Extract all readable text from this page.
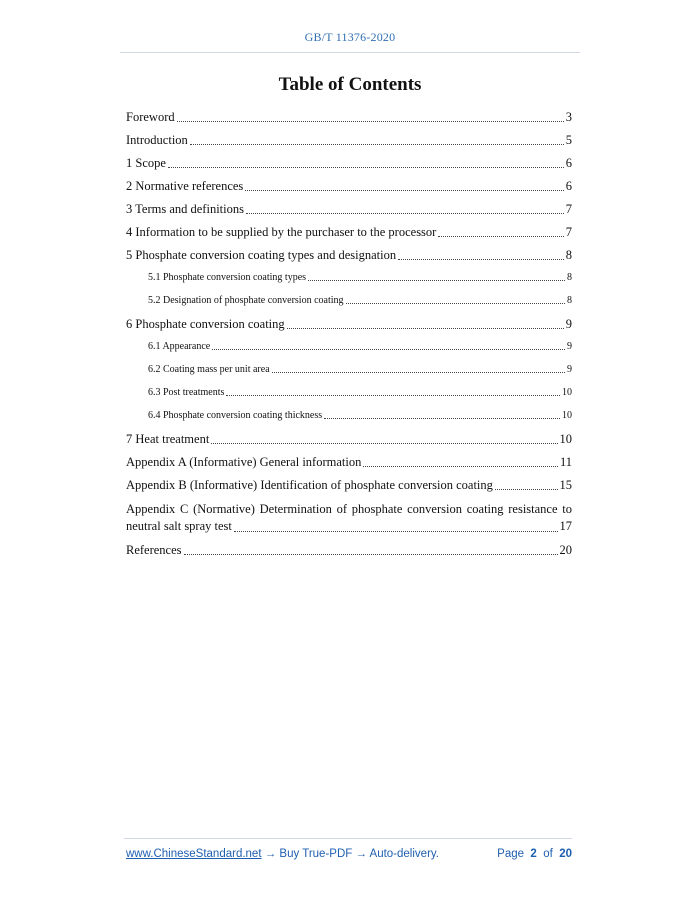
GB/T 11376-2020
Table of Contents
Foreword	3
Introduction	5
1 Scope	6
2 Normative references	6
3 Terms and definitions	7
4 Information to be supplied by the purchaser to the processor	7
5 Phosphate conversion coating types and designation	8
5.1 Phosphate conversion coating types	8
5.2 Designation of phosphate conversion coating	8
6 Phosphate conversion coating	9
6.1 Appearance	9
6.2 Coating mass per unit area	9
6.3 Post treatments	10
6.4 Phosphate conversion coating thickness	10
7 Heat treatment	10
Appendix A (Informative) General information	11
Appendix B (Informative) Identification of phosphate conversion coating	15
Appendix C (Normative) Determination of phosphate conversion coating resistance to
neutral salt spray test	17
References	20
www.ChineseStandard.net → Buy True-PDF → Auto-delivery.	Page 2 of 20
